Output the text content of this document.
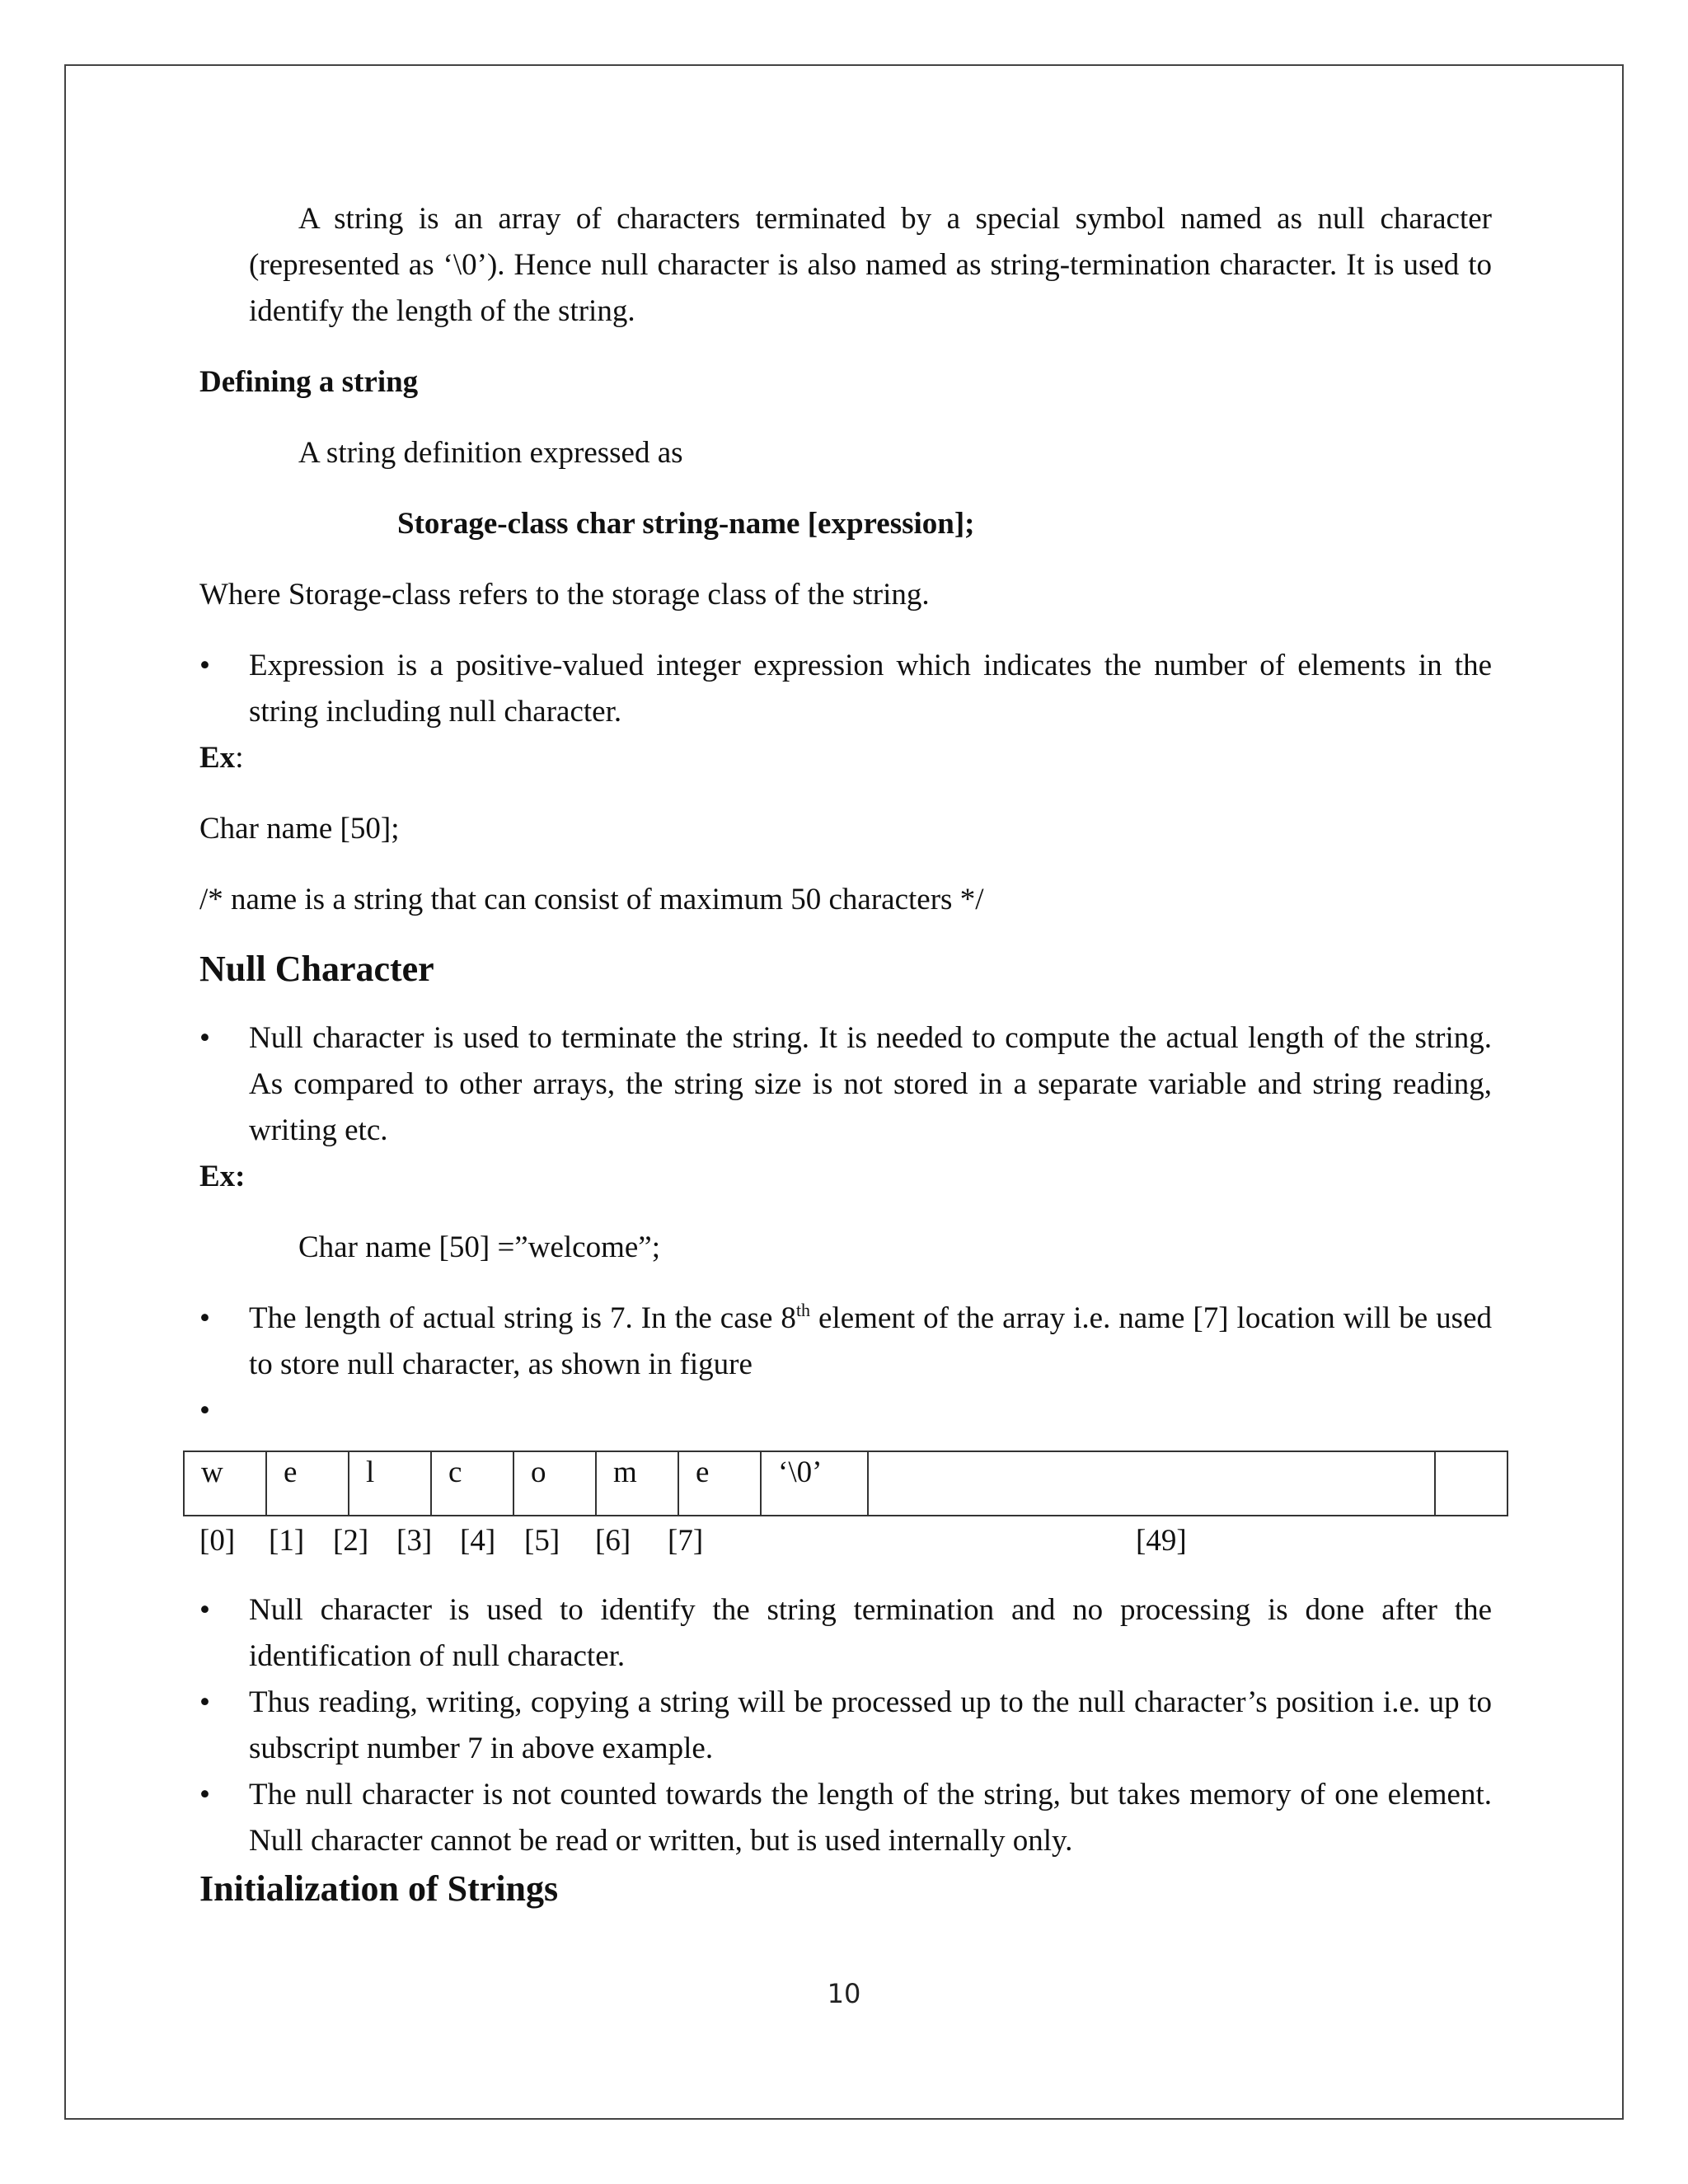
A string is an array of characters terminated by a special symbol named as null character (represented as ‘\0’). Hence null character is also named as string-termination character. It is used to identify the length of the string.

Defining a string

A string definition expressed as

Storage-class char string-name [expression];

Where Storage-class refers to the storage class of the string.

• Expression is a positive-valued integer expression which indicates the number of elements in the string including null character.

Ex:

Char name [50];

/* name is a string that can consist of maximum 50 characters */

Null Character

• Null character is used to terminate the string. It is needed to compute the actual length of the string. As compared to other arrays, the string size is not stored in a separate variable and string reading, writing etc.

Ex:

Char name [50] =”welcome”;

• The length of actual string is 7. In the case 8th element of the array i.e. name [7] location will be used to store null character, as shown in figure
•
w	e	l	c	o	m	e	‘\0’		
[0] [1] [2] [3] [4] [5] [6] [7]	[49]
• Null character is used to identify the string termination and no processing is done after the identification of null character.
• Thus reading, writing, copying a string will be processed up to the null character’s position i.e. up to subscript number 7 in above example.
• The null character is not counted towards the length of the string, but takes memory of one element. Null character cannot be read or written, but is used internally only.

Initialization of Strings

10
